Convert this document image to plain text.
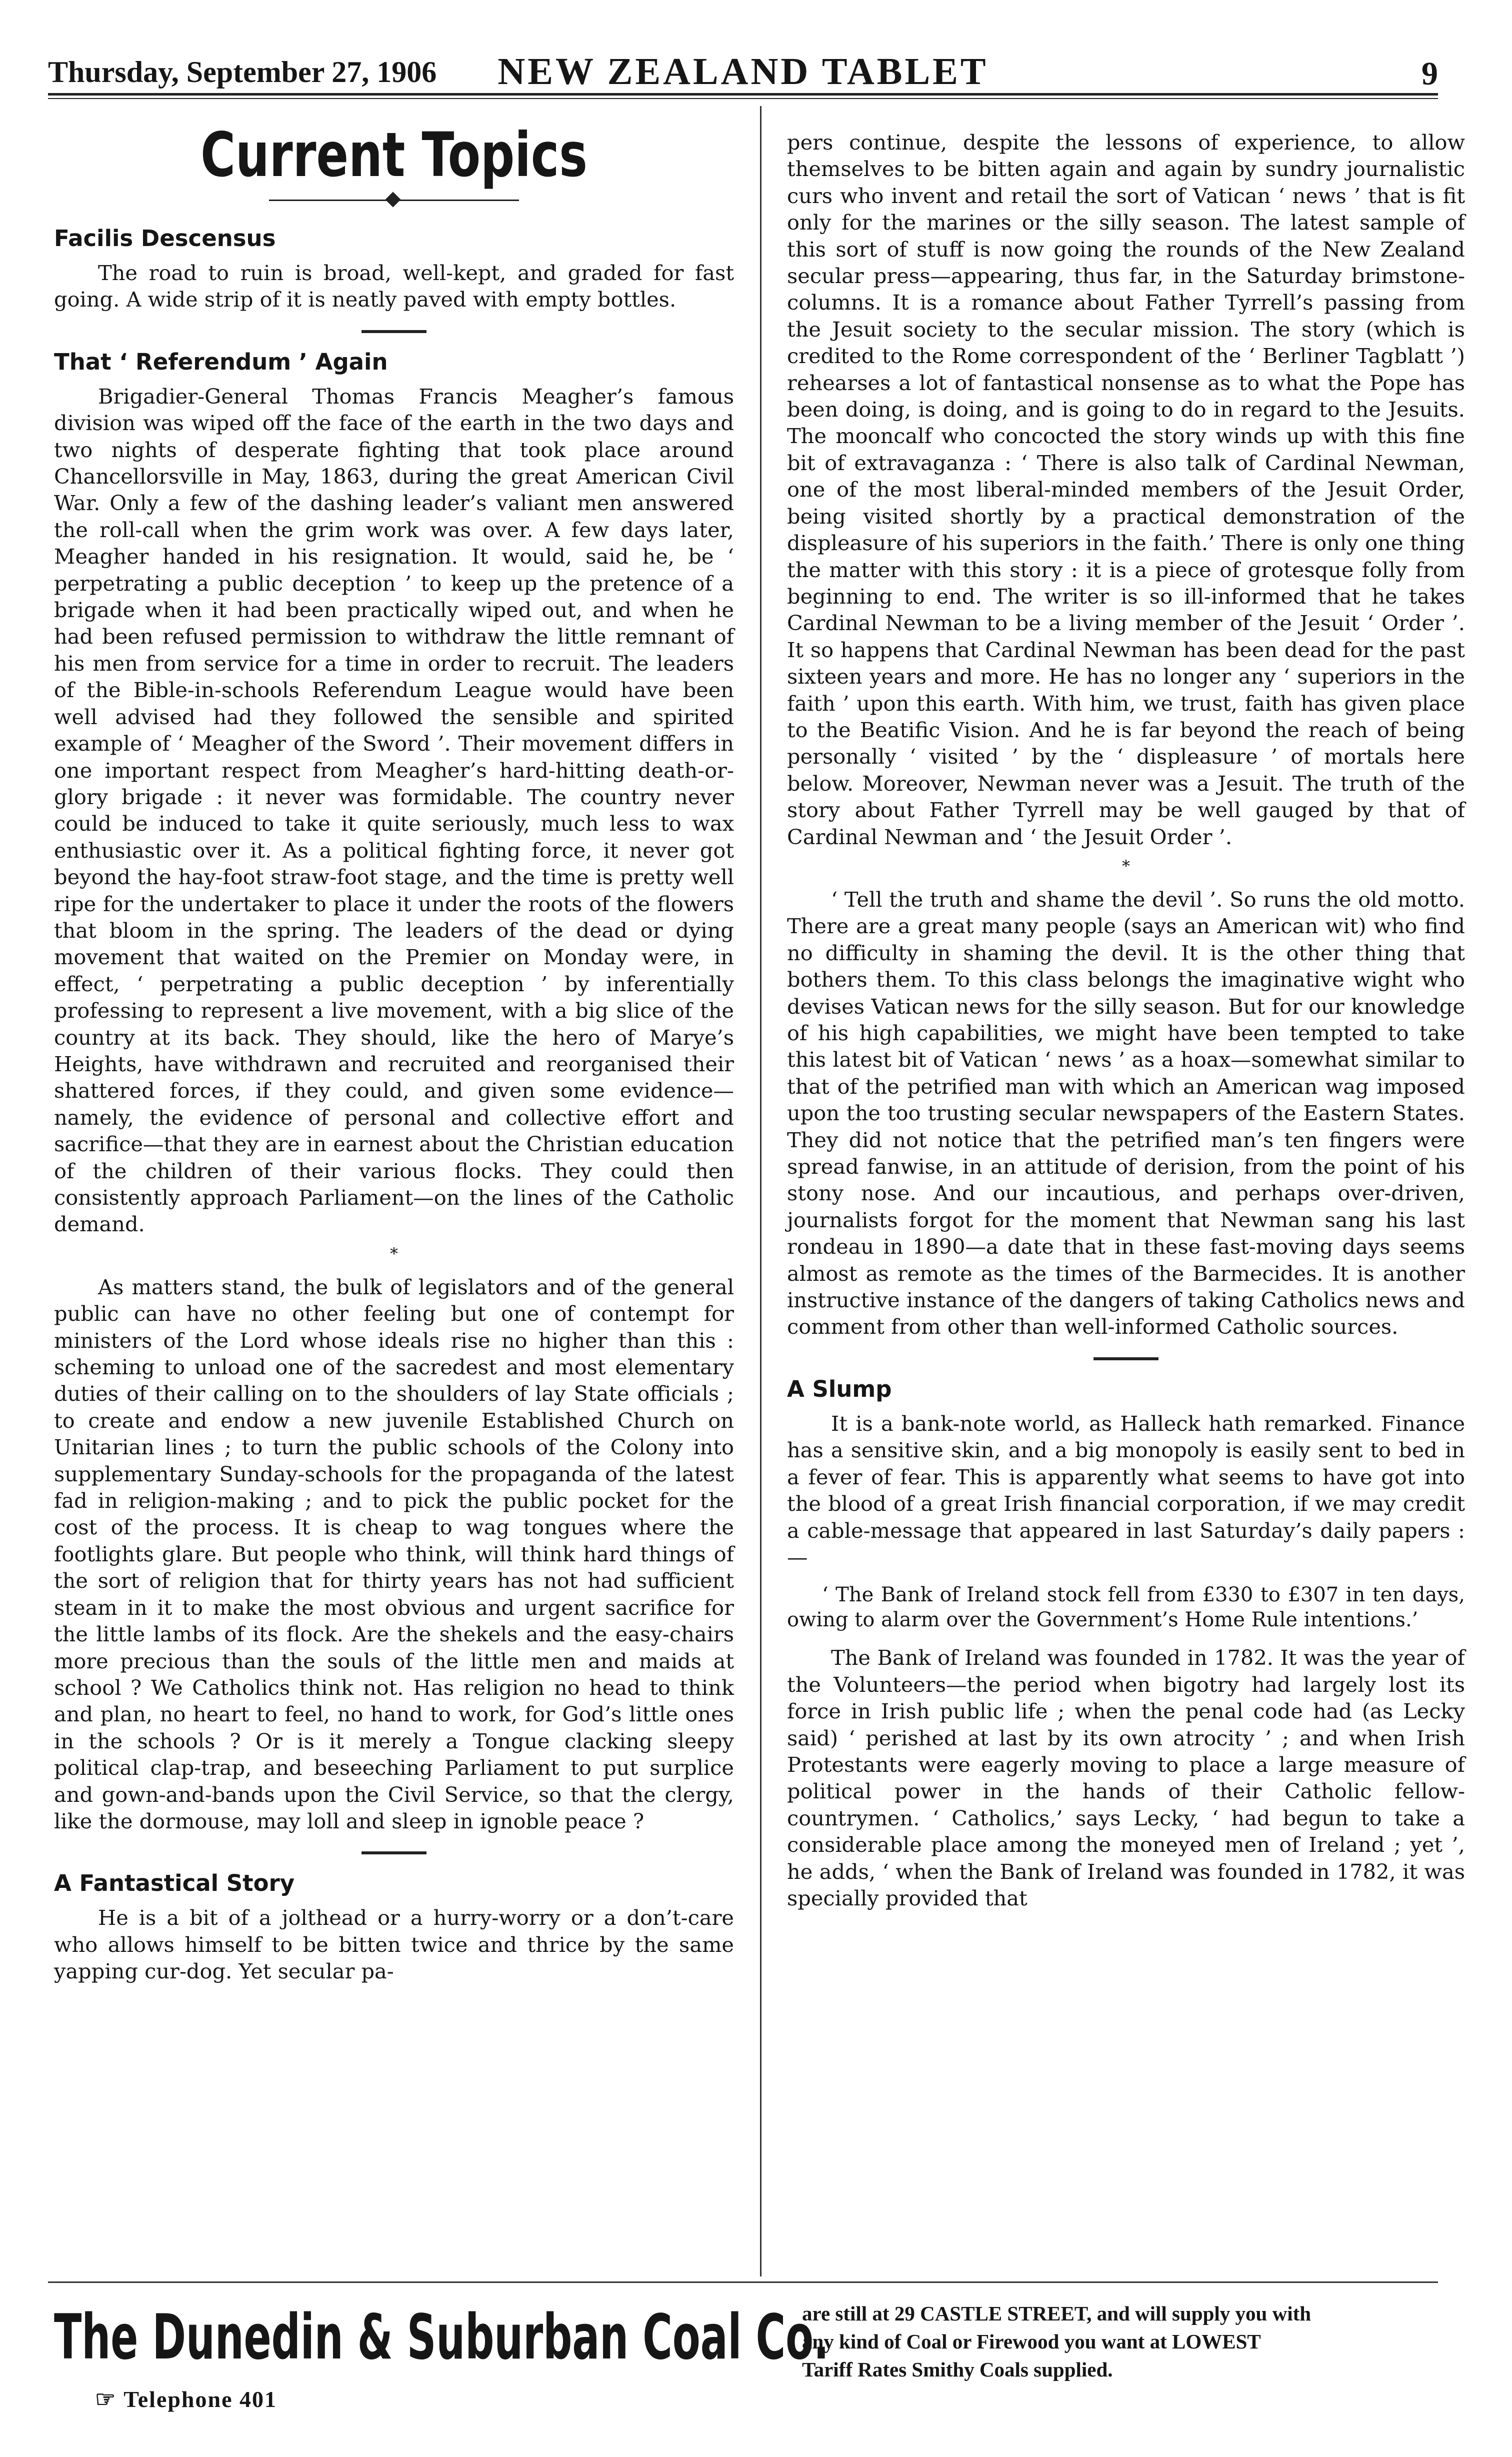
Thursday, September 27, 1906	NEW ZEALAND TABLET	9
Current Topics
Facilis Descensus

The road to ruin is broad, well-kept, and graded for fast going. A wide strip of it is neatly paved with empty bottles.

That ‘ Referendum ’ Again

Brigadier-General Thomas Francis Meagher’s famous division was wiped off the face of the earth in the two days and two nights of desperate fighting that took place around Chancellorsville in May, 1863, during the great American Civil War. Only a few of the dashing leader’s valiant men answered the roll-call when the grim work was over. A few days later, Meagher handed in his resignation. It would, said he, be ‘ perpetrating a public deception ’ to keep up the pretence of a brigade when it had been practically wiped out, and when he had been refused permission to withdraw the little remnant of his men from service for a time in order to recruit. The leaders of the Bible-in-schools Referendum League would have been well advised had they followed the sensible and spirited example of ‘ Meagher of the Sword ’. Their movement differs in one important respect from Meagher’s hard-hitting death-or-glory brigade : it never was formidable. The country never could be induced to take it quite seriously, much less to wax enthusiastic over it. As a political fighting force, it never got beyond the hay-foot straw-foot stage, and the time is pretty well ripe for the undertaker to place it under the roots of the flowers that bloom in the spring. The leaders of the dead or dying movement that waited on the Premier on Monday were, in effect, ‘ perpetrating a public deception ’ by inferentially professing to represent a live movement, with a big slice of the country at its back. They should, like the hero of Marye’s Heights, have withdrawn and recruited and reorganised their shattered forces, if they could, and given some evidence—namely, the evidence of personal and collective effort and sacrifice—that they are in earnest about the Christian education of the children of their various flocks. They could then consistently approach Parliament—on the lines of the Catholic demand.

*

As matters stand, the bulk of legislators and of the general public can have no other feeling but one of contempt for ministers of the Lord whose ideals rise no higher than this : scheming to unload one of the sacredest and most elementary duties of their calling on to the shoulders of lay State officials ; to create and endow a new juvenile Established Church on Unitarian lines ; to turn the public schools of the Colony into supplementary Sunday-schools for the propaganda of the latest fad in religion-making ; and to pick the public pocket for the cost of the process. It is cheap to wag tongues where the footlights glare. But people who think, will think hard things of the sort of religion that for thirty years has not had sufficient steam in it to make the most obvious and urgent sacrifice for the little lambs of its flock. Are the shekels and the easy-chairs more precious than the souls of the little men and maids at school ? We Catholics think not. Has religion no head to think and plan, no heart to feel, no hand to work, for God’s little ones in the schools ? Or is it merely a Tongue clacking sleepy political clap-trap, and beseeching Parliament to put surplice and gown-and-bands upon the Civil Service, so that the clergy, like the dormouse, may loll and sleep in ignoble peace ?

A Fantastical Story

He is a bit of a jolthead or a hurry-worry or a don’t-care who allows himself to be bitten twice and thrice by the same yapping cur-dog. Yet secular pa-

pers continue, despite the lessons of experience, to allow themselves to be bitten again and again by sundry journalistic curs who invent and retail the sort of Vatican ‘ news ’ that is fit only for the marines or the silly season. The latest sample of this sort of stuff is now going the rounds of the New Zealand secular press—appearing, thus far, in the Saturday brimstone-columns. It is a romance about Father Tyrrell’s passing from the Jesuit society to the secular mission. The story (which is credited to the Rome correspondent of the ‘ Berliner Tagblatt ’) rehearses a lot of fantastical nonsense as to what the Pope has been doing, is doing, and is going to do in regard to the Jesuits. The mooncalf who concocted the story winds up with this fine bit of extravaganza : ‘ There is also talk of Cardinal Newman, one of the most liberal-minded members of the Jesuit Order, being visited shortly by a practical demonstration of the displeasure of his superiors in the faith.’ There is only one thing the matter with this story : it is a piece of grotesque folly from beginning to end. The writer is so ill-informed that he takes Cardinal Newman to be a living member of the Jesuit ‘ Order ’. It so happens that Cardinal Newman has been dead for the past sixteen years and more. He has no longer any ‘ superiors in the faith ’ upon this earth. With him, we trust, faith has given place to the Beatific Vision. And he is far beyond the reach of being personally ‘ visited ’ by the ‘ displeasure ’ of mortals here below. Moreover, Newman never was a Jesuit. The truth of the story about Father Tyrrell may be well gauged by that of Cardinal Newman and ‘ the Jesuit Order ’.

*

‘ Tell the truth and shame the devil ’. So runs the old motto. There are a great many people (says an American wit) who find no difficulty in shaming the devil. It is the other thing that bothers them. To this class belongs the imaginative wight who devises Vatican news for the silly season. But for our knowledge of his high capabilities, we might have been tempted to take this latest bit of Vatican ‘ news ’ as a hoax—somewhat similar to that of the petrified man with which an American wag imposed upon the too trusting secular newspapers of the Eastern States. They did not notice that the petrified man’s ten fingers were spread fanwise, in an attitude of derision, from the point of his stony nose. And our incautious, and perhaps over-driven, journalists forgot for the moment that Newman sang his last rondeau in 1890—a date that in these fast-moving days seems almost as remote as the times of the Barmecides. It is another instructive instance of the dangers of taking Catholics news and comment from other than well-informed Catholic sources.

A Slump

It is a bank-note world, as Halleck hath remarked. Finance has a sensitive skin, and a big monopoly is easily sent to bed in a fever of fear. This is apparently what seems to have got into the blood of a great Irish financial corporation, if we may credit a cable-message that appeared in last Saturday’s daily papers :—

‘ The Bank of Ireland stock fell from £330 to £307 in ten days, owing to alarm over the Government’s Home Rule intentions.’

The Bank of Ireland was founded in 1782. It was the year of the Volunteers—the period when bigotry had largely lost its force in Irish public life ; when the penal code had (as Lecky said) ‘ perished at last by its own atrocity ’ ; and when Irish Protestants were eagerly moving to place a large measure of political power in the hands of their Catholic fellow-countrymen. ‘ Catholics,’ says Lecky, ‘ had begun to take a considerable place among the moneyed men of Ireland ; yet ’, he adds, ‘ when the Bank of Ireland was founded in 1782, it was specially provided that

The Dunedin & Suburban Coal Co.
☞ Telephone 401
are still at 29 CASTLE STREET, and will supply you with
any kind of Coal or Firewood you want at LOWEST
Tariff Rates Smithy Coals supplied.
